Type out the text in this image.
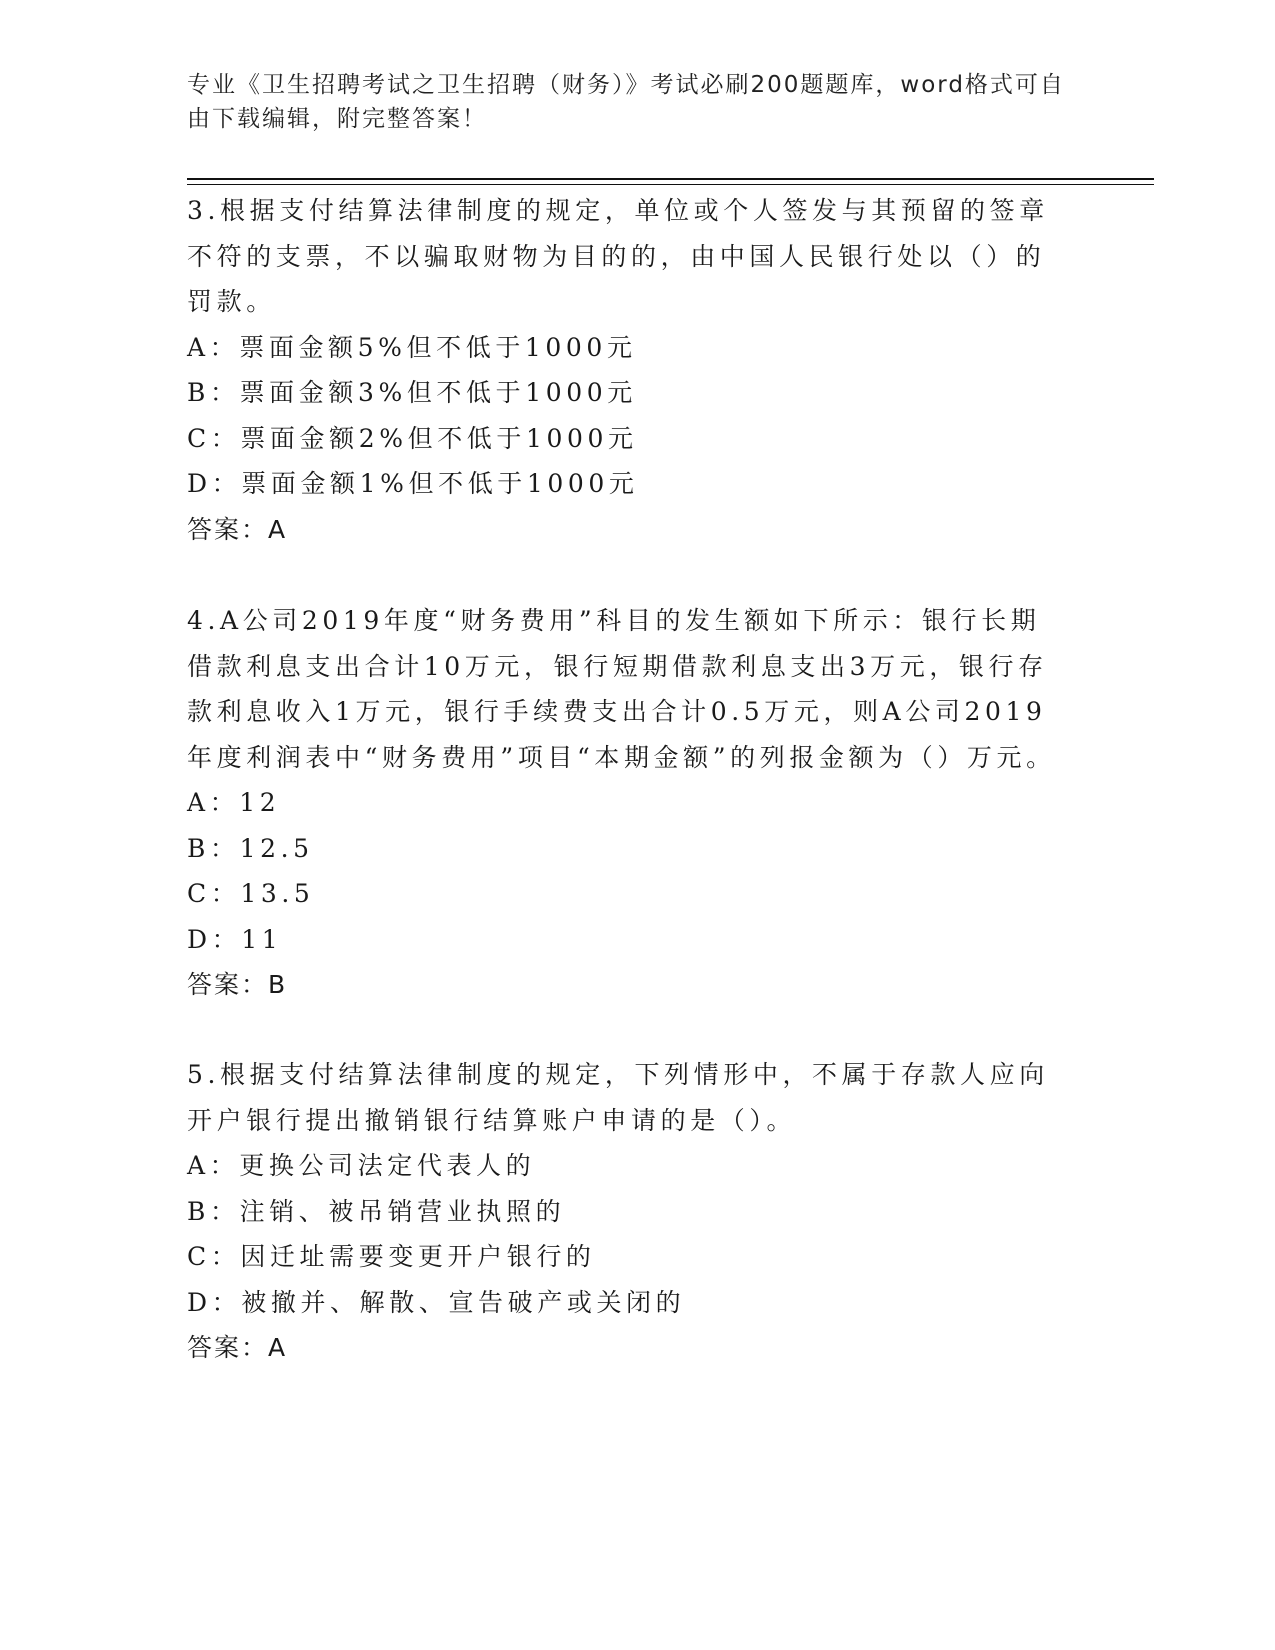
专业《卫生招聘考试之卫生招聘（财务）》考试必刷200题题库，word格式可自由下载编辑，附完整答案！

3.根据支付结算法律制度的规定，单位或个人签发与其预留的签章不符的支票，不以骗取财物为目的的，由中国人民银行处以（）的罚款。

A：票面金额5%但不低于1000元
B：票面金额3%但不低于1000元
C：票面金额2%但不低于1000元
D：票面金额1%但不低于1000元
答案：A

4.A公司2019年度“财务费用”科目的发生额如下所示：银行长期借款利息支出合计10万元，银行短期借款利息支出3万元，银行存款利息收入1万元，银行手续费支出合计0.5万元，则A公司2019年度利润表中“财务费用”项目“本期金额”的列报金额为（）万元。

A：12
B：12.5
C：13.5
D：11
答案：B

5.根据支付结算法律制度的规定，下列情形中，不属于存款人应向开户银行提出撤销银行结算账户申请的是（）。

A：更换公司法定代表人的
B：注销、被吊销营业执照的
C：因迁址需要变更开户银行的
D：被撤并、解散、宣告破产或关闭的
答案：A
